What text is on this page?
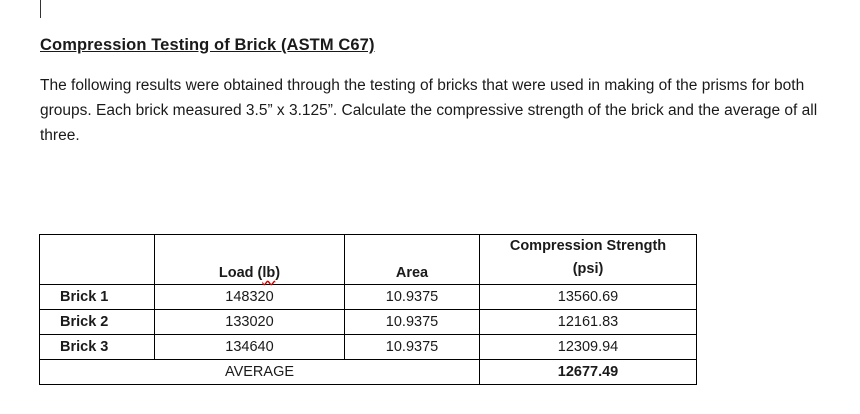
Compression Testing of Brick (ASTM C67)

The following results were obtained through the testing of bricks that were used in making of the prisms for both groups. Each brick measured 3.5” x 3.125”. Calculate the compressive strength of the brick and the average of all three.

	Load (lb)	Area	Compression Strength
(psi)

Brick 1	148320	10.9375	13560.69
Brick 2	133020	10.9375	12161.83
Brick 3	134640	10.9375	12309.94
AVERAGE			12677.49
